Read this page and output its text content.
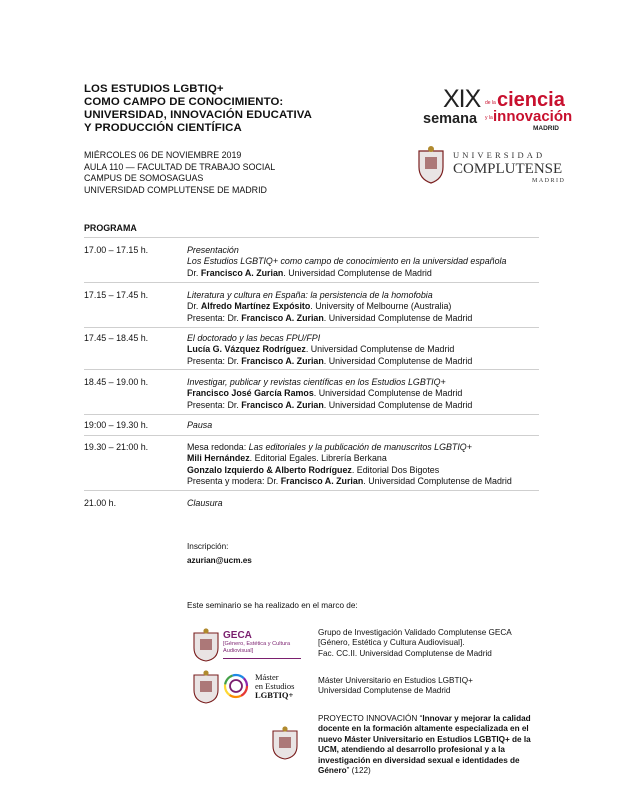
LOS ESTUDIOS LGBTIQ+
COMO CAMPO DE CONOCIMIENTO:
UNIVERSIDAD, INNOVACIÓN EDUCATIVA
Y PRODUCCIÓN CIENTÍFICA
XIX
semana
de la ciencia
y la innovación
MADRID
UNIVERSIDAD
COMPLUTENSE
MADRID
MIÉRCOLES 06 DE NOVIEMBRE 2019
AULA 110 — FACULTAD DE TRABAJO SOCIAL
CAMPUS DE SOMOSAGUAS
UNIVERSIDAD COMPLUTENSE DE MADRID
PROGRAMA
17.00 – 17.15 h.	Presentación
Los Estudios LGBTIQ+ como campo de conocimiento en la universidad española
Dr. Francisco A. Zurian. Universidad Complutense de Madrid
17.15 – 17.45 h.	Literatura y cultura en España: la persistencia de la homofobia
Dr. Alfredo Martínez Expósito. University of Melbourne (Australia)
Presenta: Dr. Francisco A. Zurian. Universidad Complutense de Madrid
17.45 – 18.45 h.	El doctorado y las becas FPU/FPI
Lucía G. Vázquez Rodríguez. Universidad Complutense de Madrid
Presenta: Dr. Francisco A. Zurian. Universidad Complutense de Madrid
18.45 – 19.00 h.	Investigar, publicar y revistas científicas en los Estudios LGBTIQ+
Francisco José García Ramos. Universidad Complutense de Madrid
Presenta: Dr. Francisco A. Zurian. Universidad Complutense de Madrid
19:00 – 19.30 h.	Pausa
19.30 – 21:00 h.	Mesa redonda: Las editoriales y la publicación de manuscritos LGBTIQ+
Mili Hernández. Editorial Egales. Librería Berkana
Gonzalo Izquierdo & Alberto Rodríguez. Editorial Dos Bigotes
Presenta y modera: Dr. Francisco A. Zurian. Universidad Complutense de Madrid
21.00 h.	Clausura
Inscripción:
azurian@ucm.es
Este seminario se ha realizado en el marco de:
GECA
[Género, Estética y Cultura
Audiovisual]
Grupo de Investigación Validado Complutense GECA
[Género, Estética y Cultura Audiovisual].
Fac. CC.II. Universidad Complutense de Madrid
Máster
en Estudios
LGBTIQ+
Máster Universitario en Estudios LGBTIQ+
Universidad Complutense de Madrid
PROYECTO INNOVACIÓN “Innovar y mejorar la calidad
docente en la formación altamente especializada en el
nuevo Máster Universitario en Estudios LGBTIQ+ de la
UCM, atendiendo al desarrollo profesional y a la
investigación en diversidad sexual e identidades de
Género” (122)
